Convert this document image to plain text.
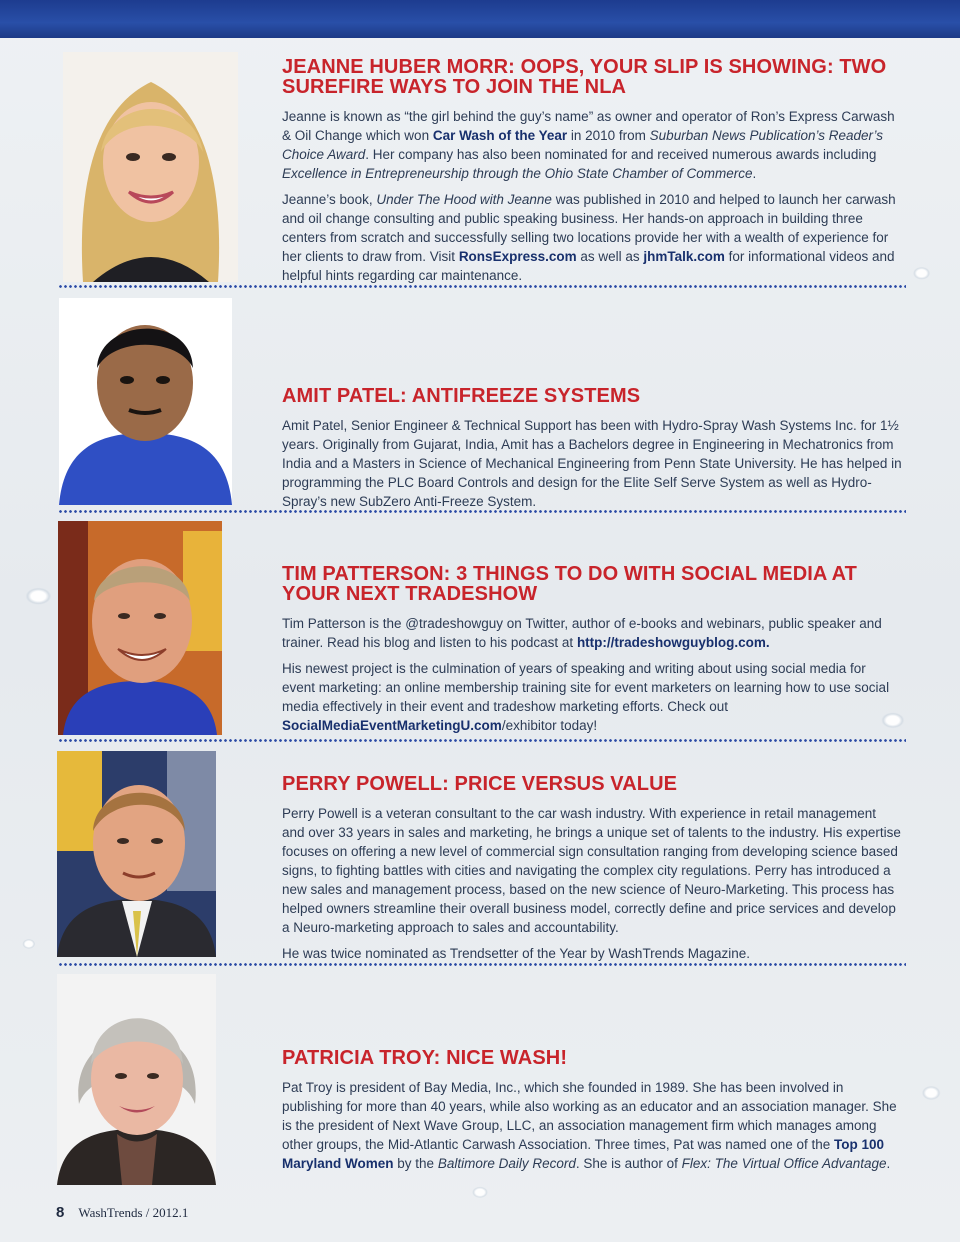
JEANNE HUBER MORR: OOPS, YOUR SLIP IS SHOWING: TWO SUREFIRE WAYS TO JOIN THE NLA

Jeanne is known as “the girl behind the guy’s name” as owner and operator of Ron’s Express Carwash & Oil Change which won Car Wash of the Year in 2010 from Suburban News Publication’s Reader’s Choice Award. Her company has also been nominated for and received numerous awards including Excellence in Entrepreneurship through the Ohio State Chamber of Commerce.

Jeanne’s book, Under The Hood with Jeanne was published in 2010 and helped to launch her carwash and oil change consulting and public speaking business. Her hands-on approach in building three centers from scratch and successfully selling two locations provide her with a wealth of experience for her clients to draw from. Visit RonsExpress.com as well as jhmTalk.com for informational videos and helpful hints regarding car maintenance.

AMIT PATEL: ANTIFREEZE SYSTEMS

Amit Patel, Senior Engineer & Technical Support has been with Hydro-Spray Wash Systems Inc. for 1½ years. Originally from Gujarat, India, Amit has a Bachelors degree in Engineering in Mechatronics from India and a Masters in Science of Mechanical Engineering from Penn State University. He has helped in programming the PLC Board Controls and design for the Elite Self Serve System as well as Hydro-Spray’s new SubZero Anti-Freeze System.

TIM PATTERSON: 3 THINGS TO DO WITH SOCIAL MEDIA AT YOUR NEXT TRADESHOW

Tim Patterson is the @tradeshowguy on Twitter, author of e-books and webinars, public speaker and trainer. Read his blog and listen to his podcast at http://tradeshowguyblog.com.

His newest project is the culmination of years of speaking and writing about using social media for event marketing: an online membership training site for event marketers on learning how to use social media effectively in their event and tradeshow marketing efforts. Check out SocialMediaEventMarketingU.com/exhibitor today!

PERRY POWELL: PRICE VERSUS VALUE

Perry Powell is a veteran consultant to the car wash industry. With experience in retail management and over 33 years in sales and marketing, he brings a unique set of talents to the industry. His expertise focuses on offering a new level of commercial sign consultation ranging from developing science based signs, to fighting battles with cities and navigating the complex city regulations. Perry has introduced a new sales and management process, based on the new science of Neuro-Marketing. This process has helped owners streamline their overall business model, correctly define and price services and develop a Neuro-marketing approach to sales and accountability.

He was twice nominated as Trendsetter of the Year by WashTrends Magazine.

PATRICIA TROY: NICE WASH!

Pat Troy is president of Bay Media, Inc., which she founded in 1989. She has been involved in publishing for more than 40 years, while also working as an educator and an association manager. She is the president of Next Wave Group, LLC, an association management firm which manages among other groups, the Mid-Atlantic Carwash Association. Three times, Pat was named one of the Top 100 Maryland Women by the Baltimore Daily Record. She is author of Flex: The Virtual Office Advantage.

8 WashTrends / 2012.1
